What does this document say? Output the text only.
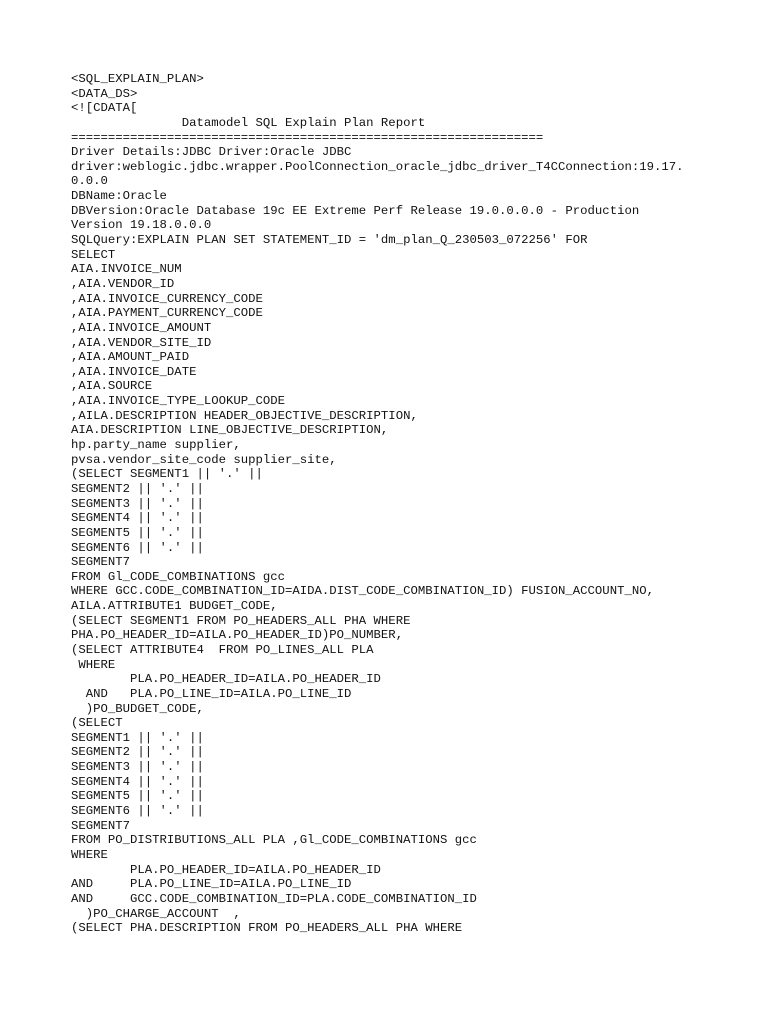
<SQL_EXPLAIN_PLAN>
<DATA_DS>
<![CDATA[
Datamodel SQL Explain Plan Report
================================================================
Driver Details:JDBC Driver:Oracle JDBC
driver:weblogic.jdbc.wrapper.PoolConnection_oracle_jdbc_driver_T4CConnection:19.17.
0.0.0
DBName:Oracle
DBVersion:Oracle Database 19c EE Extreme Perf Release 19.0.0.0.0 - Production
Version 19.18.0.0.0
SQLQuery:EXPLAIN PLAN SET STATEMENT_ID = 'dm_plan_Q_230503_072256' FOR
SELECT
AIA.INVOICE_NUM
,AIA.VENDOR_ID
,AIA.INVOICE_CURRENCY_CODE
,AIA.PAYMENT_CURRENCY_CODE
,AIA.INVOICE_AMOUNT
,AIA.VENDOR_SITE_ID
,AIA.AMOUNT_PAID
,AIA.INVOICE_DATE
,AIA.SOURCE
,AIA.INVOICE_TYPE_LOOKUP_CODE
,AILA.DESCRIPTION HEADER_OBJECTIVE_DESCRIPTION,
AIA.DESCRIPTION LINE_OBJECTIVE_DESCRIPTION,
hp.party_name supplier,
pvsa.vendor_site_code supplier_site,
(SELECT SEGMENT1 || '.' ||
SEGMENT2 || '.' ||
SEGMENT3 || '.' ||
SEGMENT4 || '.' ||
SEGMENT5 || '.' ||
SEGMENT6 || '.' ||
SEGMENT7
FROM Gl_CODE_COMBINATIONS gcc
WHERE GCC.CODE_COMBINATION_ID=AIDA.DIST_CODE_COMBINATION_ID) FUSION_ACCOUNT_NO,
AILA.ATTRIBUTE1 BUDGET_CODE,
(SELECT SEGMENT1 FROM PO_HEADERS_ALL PHA WHERE
PHA.PO_HEADER_ID=AILA.PO_HEADER_ID)PO_NUMBER,
(SELECT ATTRIBUTE4  FROM PO_LINES_ALL PLA
WHERE
PLA.PO_HEADER_ID=AILA.PO_HEADER_ID
AND   PLA.PO_LINE_ID=AILA.PO_LINE_ID
)PO_BUDGET_CODE,
(SELECT
SEGMENT1 || '.' ||
SEGMENT2 || '.' ||
SEGMENT3 || '.' ||
SEGMENT4 || '.' ||
SEGMENT5 || '.' ||
SEGMENT6 || '.' ||
SEGMENT7
FROM PO_DISTRIBUTIONS_ALL PLA ,Gl_CODE_COMBINATIONS gcc
WHERE
PLA.PO_HEADER_ID=AILA.PO_HEADER_ID
AND     PLA.PO_LINE_ID=AILA.PO_LINE_ID
AND     GCC.CODE_COMBINATION_ID=PLA.CODE_COMBINATION_ID
)PO_CHARGE_ACCOUNT  ,
(SELECT PHA.DESCRIPTION FROM PO_HEADERS_ALL PHA WHERE
